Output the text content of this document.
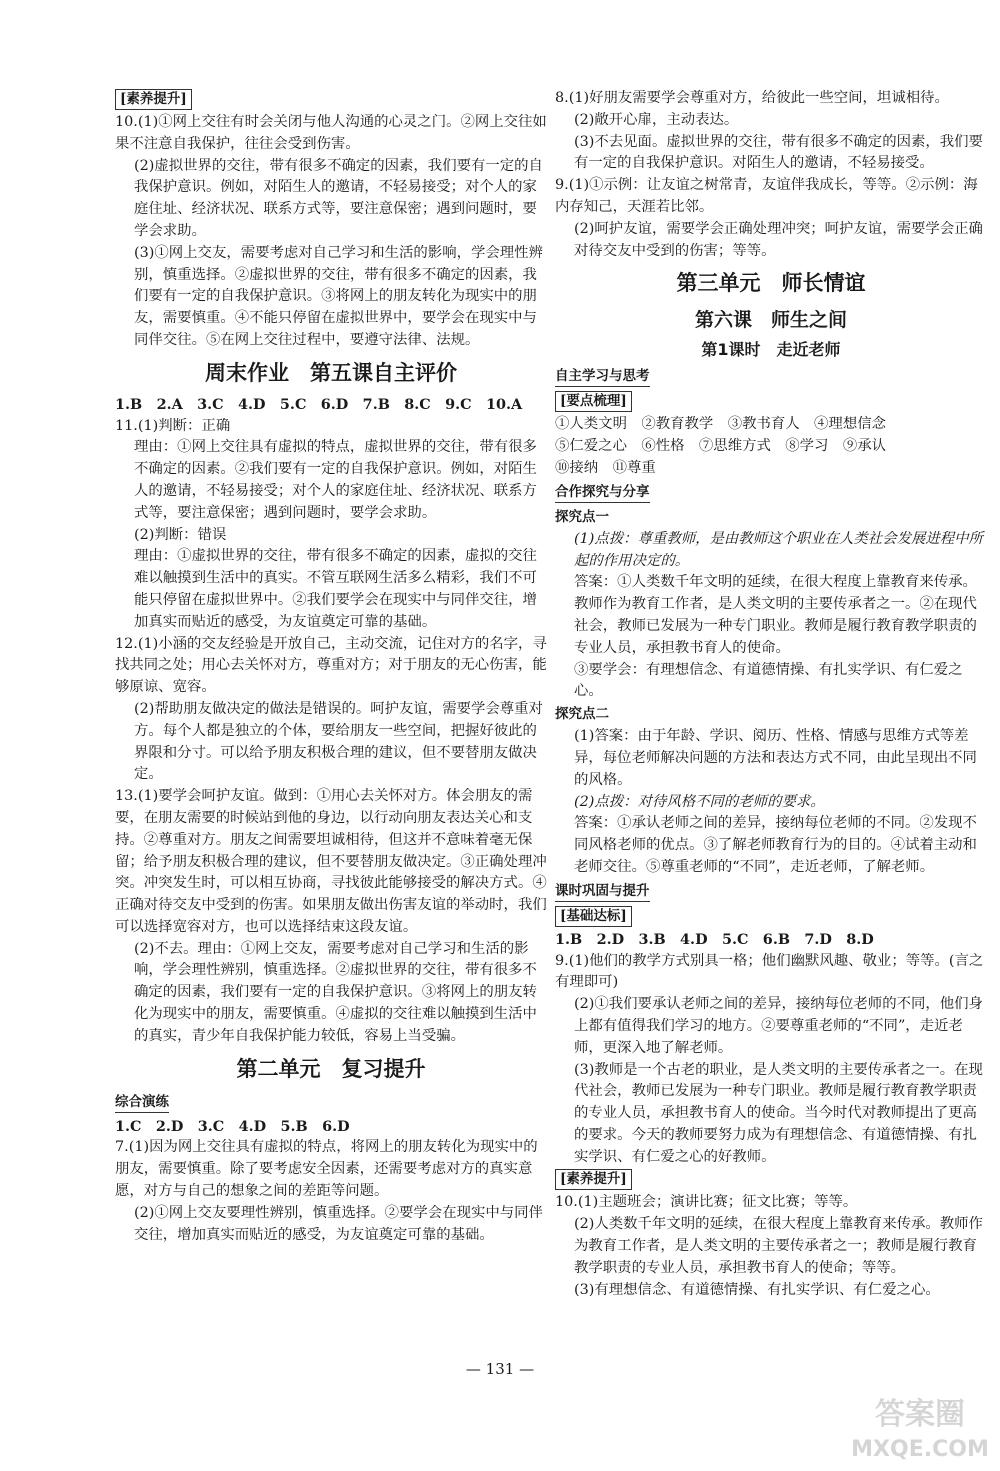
[素养提升]

10.(1)①网上交往有时会关闭与他人沟通的心灵之门。②网上交往如果不注意自我保护，往往会受到伤害。

(2)虚拟世界的交往，带有很多不确定的因素，我们要有一定的自我保护意识。例如，对陌生人的邀请，不轻易接受；对个人的家庭住址、经济状况、联系方式等，要注意保密；遇到问题时，要学会求助。

(3)①网上交友，需要考虑对自己学习和生活的影响，学会理性辨别，慎重选择。②虚拟世界的交往，带有很多不确定的因素，我们要有一定的自我保护意识。③将网上的朋友转化为现实中的朋友，需要慎重。④不能只停留在虚拟世界中，要学会在现实中与同伴交往。⑤在网上交往过程中，要遵守法律、法规。

周末作业　第五课自主评价

1.B　2.A　3.C　4.D　5.C　6.D　7.B　8.C　9.C　10.A

11.(1)判断：正确

理由：①网上交往具有虚拟的特点，虚拟世界的交往，带有很多不确定的因素。②我们要有一定的自我保护意识。例如，对陌生人的邀请，不轻易接受；对个人的家庭住址、经济状况、联系方式等，要注意保密；遇到问题时，要学会求助。

(2)判断：错误

理由：①虚拟世界的交往，带有很多不确定的因素，虚拟的交往难以触摸到生活中的真实。不管互联网生活多么精彩，我们不可能只停留在虚拟世界中。②我们要学会在现实中与同伴交往，增加真实而贴近的感受，为友谊奠定可靠的基础。

12.(1)小涵的交友经验是开放自己，主动交流，记住对方的名字，寻找共同之处；用心去关怀对方，尊重对方；对于朋友的无心伤害，能够原谅、宽容。

(2)帮助朋友做决定的做法是错误的。呵护友谊，需要学会尊重对方。每个人都是独立的个体，要给朋友一些空间，把握好彼此的界限和分寸。可以给予朋友积极合理的建议，但不要替朋友做决定。

13.(1)要学会呵护友谊。做到：①用心去关怀对方。体会朋友的需要，在朋友需要的时候站到他的身边，以行动向朋友表达关心和支持。②尊重对方。朋友之间需要坦诚相待，但这并不意味着毫无保留；给予朋友积极合理的建议，但不要替朋友做决定。③正确处理冲突。冲突发生时，可以相互协商，寻找彼此能够接受的解决方式。④正确对待交友中受到的伤害。如果朋友做出伤害友谊的举动时，我们可以选择宽容对方，也可以选择结束这段友谊。

(2)不去。理由：①网上交友，需要考虑对自己学习和生活的影响，学会理性辨别，慎重选择。②虚拟世界的交往，带有很多不确定的因素，我们要有一定的自我保护意识。③将网上的朋友转化为现实中的朋友，需要慎重。④虚拟的交往难以触摸到生活中的真实，青少年自我保护能力较低，容易上当受骗。

第二单元　复习提升
综合演练

1.C　2.D　3.C　4.D　5.B　6.D

7.(1)因为网上交往具有虚拟的特点，将网上的朋友转化为现实中的朋友，需要慎重。除了要考虑安全因素，还需要考虑对方的真实意愿，对方与自己的想象之间的差距等问题。

(2)①网上交友要理性辨别，慎重选择。②要学会在现实中与同伴交往，增加真实而贴近的感受，为友谊奠定可靠的基础。

8.(1)好朋友需要学会尊重对方，给彼此一些空间，坦诚相待。

(2)敞开心扉，主动表达。

(3)不去见面。虚拟世界的交往，带有很多不确定的因素，我们要有一定的自我保护意识。对陌生人的邀请，不轻易接受。

9.(1)①示例：让友谊之树常青，友谊伴我成长，等等。②示例：海内存知己，天涯若比邻。

(2)呵护友谊，需要学会正确处理冲突；呵护友谊，需要学会正确对待交友中受到的伤害；等等。

第三单元　师长情谊
第六课　师生之间
第1课时　走近老师
自主学习与思考
[要点梳理]

①人类文明　②教育教学　③教书育人　④理想信念

⑤仁爱之心　⑥性格　⑦思维方式　⑧学习　⑨承认

⑩接纳　⑪尊重

合作探究与分享
探究点一

(1)点拨：尊重教师，是由教师这个职业在人类社会发展进程中所起的作用决定的。

答案：①人类数千年文明的延续，在很大程度上靠教育来传承。教师作为教育工作者，是人类文明的主要传承者之一。②在现代社会，教师已发展为一种专门职业。教师是履行教育教学职责的专业人员，承担教书育人的使命。

③要学会：有理想信念、有道德情操、有扎实学识、有仁爱之心。

探究点二

(1)答案：由于年龄、学识、阅历、性格、情感与思维方式等差异，每位老师解决问题的方法和表达方式不同，由此呈现出不同的风格。

(2)点拨：对待风格不同的老师的要求。

答案：①承认老师之间的差异，接纳每位老师的不同。②发现不同风格老师的优点。③了解老师教育行为的目的。④试着主动和老师交往。⑤尊重老师的“不同”，走近老师，了解老师。

课时巩固与提升
[基础达标]

1.B　2.D　3.B　4.D　5.C　6.B　7.D　8.D

9.(1)他们的教学方式别具一格；他们幽默风趣、敬业；等等。(言之有理即可)

(2)①我们要承认老师之间的差异，接纳每位老师的不同，他们身上都有值得我们学习的地方。②要尊重老师的“不同”，走近老师，更深入地了解老师。

(3)教师是一个古老的职业，是人类文明的主要传承者之一。在现代社会，教师已发展为一种专门职业。教师是履行教育教学职责的专业人员，承担教书育人的使命。当今时代对教师提出了更高的要求。今天的教师要努力成为有理想信念、有道德情操、有扎实学识、有仁爱之心的好教师。

[素养提升]

10.(1)主题班会；演讲比赛；征文比赛；等等。

(2)人类数千年文明的延续，在很大程度上靠教育来传承。教师作为教育工作者，是人类文明的主要传承者之一；教师是履行教育教学职责的专业人员，承担教书育人的使命；等等。

(3)有理想信念、有道德情操、有扎实学识、有仁爱之心。

— 131 —
答案圈
MXQE.COM
